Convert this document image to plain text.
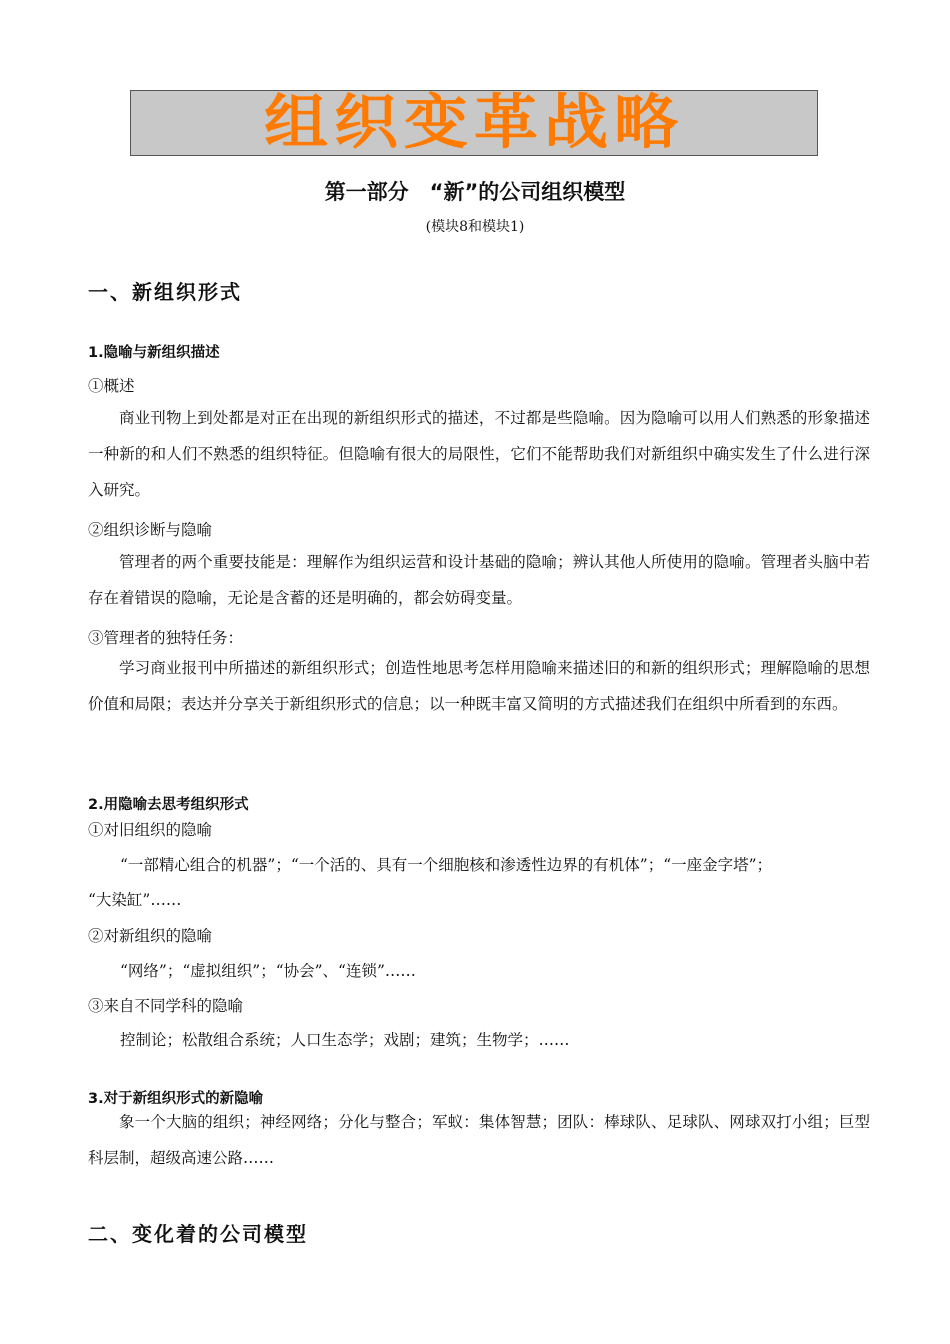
组织变革战略
第一部分　“新”的公司组织模型
(模块8和模块1)
一、新组织形式
1.隐喻与新组织描述
①概述
商业刊物上到处都是对正在出现的新组织形式的描述，不过都是些隐喻。因为隐喻可以用人们熟悉的形象描述一种新的和人们不熟悉的组织特征。但隐喻有很大的局限性，它们不能帮助我们对新组织中确实发生了什么进行深入研究。
②组织诊断与隐喻
管理者的两个重要技能是：理解作为组织运营和设计基础的隐喻；辨认其他人所使用的隐喻。管理者头脑中若存在着错误的隐喻，无论是含蓄的还是明确的，都会妨碍变量。
③管理者的独特任务：
学习商业报刊中所描述的新组织形式；创造性地思考怎样用隐喻来描述旧的和新的组织形式；理解隐喻的思想价值和局限；表达并分享关于新组织形式的信息；以一种既丰富又简明的方式描述我们在组织中所看到的东西。
2.用隐喻去思考组织形式
①对旧组织的隐喻
“一部精心组合的机器”；“一个活的、具有一个细胞核和渗透性边界的有机体”；“一座金字塔”；
“大染缸”……
②对新组织的隐喻
“网络”；“虚拟组织”；“协会”、“连锁”……
③来自不同学科的隐喻
控制论；松散组合系统；人口生态学；戏剧；建筑；生物学；……
3.对于新组织形式的新隐喻
象一个大脑的组织；神经网络；分化与整合；军蚁：集体智慧；团队：棒球队、足球队、网球双打小组；巨型科层制，超级高速公路……
二、变化着的公司模型
